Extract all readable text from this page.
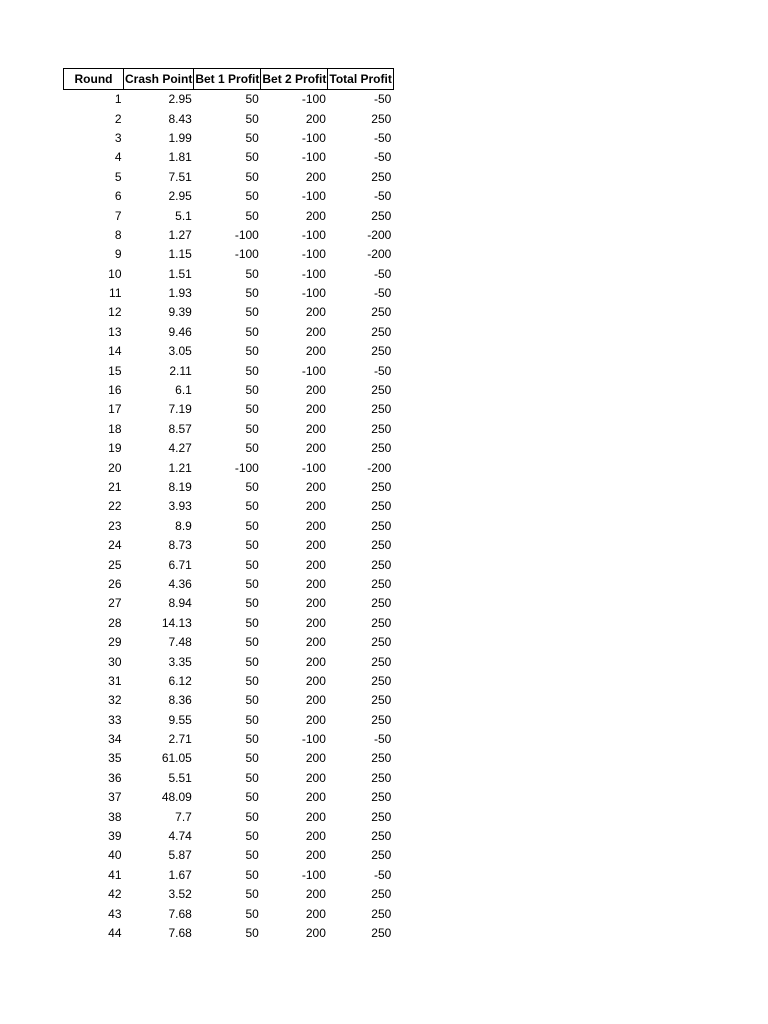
Round	Crash Point	Bet 1 Profit	Bet 2 Profit	Total Profit
1	2.95	50	-100	-50
2	8.43	50	200	250
3	1.99	50	-100	-50
4	1.81	50	-100	-50
5	7.51	50	200	250
6	2.95	50	-100	-50
7	5.1	50	200	250
8	1.27	-100	-100	-200
9	1.15	-100	-100	-200
10	1.51	50	-100	-50
11	1.93	50	-100	-50
12	9.39	50	200	250
13	9.46	50	200	250
14	3.05	50	200	250
15	2.11	50	-100	-50
16	6.1	50	200	250
17	7.19	50	200	250
18	8.57	50	200	250
19	4.27	50	200	250
20	1.21	-100	-100	-200
21	8.19	50	200	250
22	3.93	50	200	250
23	8.9	50	200	250
24	8.73	50	200	250
25	6.71	50	200	250
26	4.36	50	200	250
27	8.94	50	200	250
28	14.13	50	200	250
29	7.48	50	200	250
30	3.35	50	200	250
31	6.12	50	200	250
32	8.36	50	200	250
33	9.55	50	200	250
34	2.71	50	-100	-50
35	61.05	50	200	250
36	5.51	50	200	250
37	48.09	50	200	250
38	7.7	50	200	250
39	4.74	50	200	250
40	5.87	50	200	250
41	1.67	50	-100	-50
42	3.52	50	200	250
43	7.68	50	200	250
44	7.68	50	200	250
